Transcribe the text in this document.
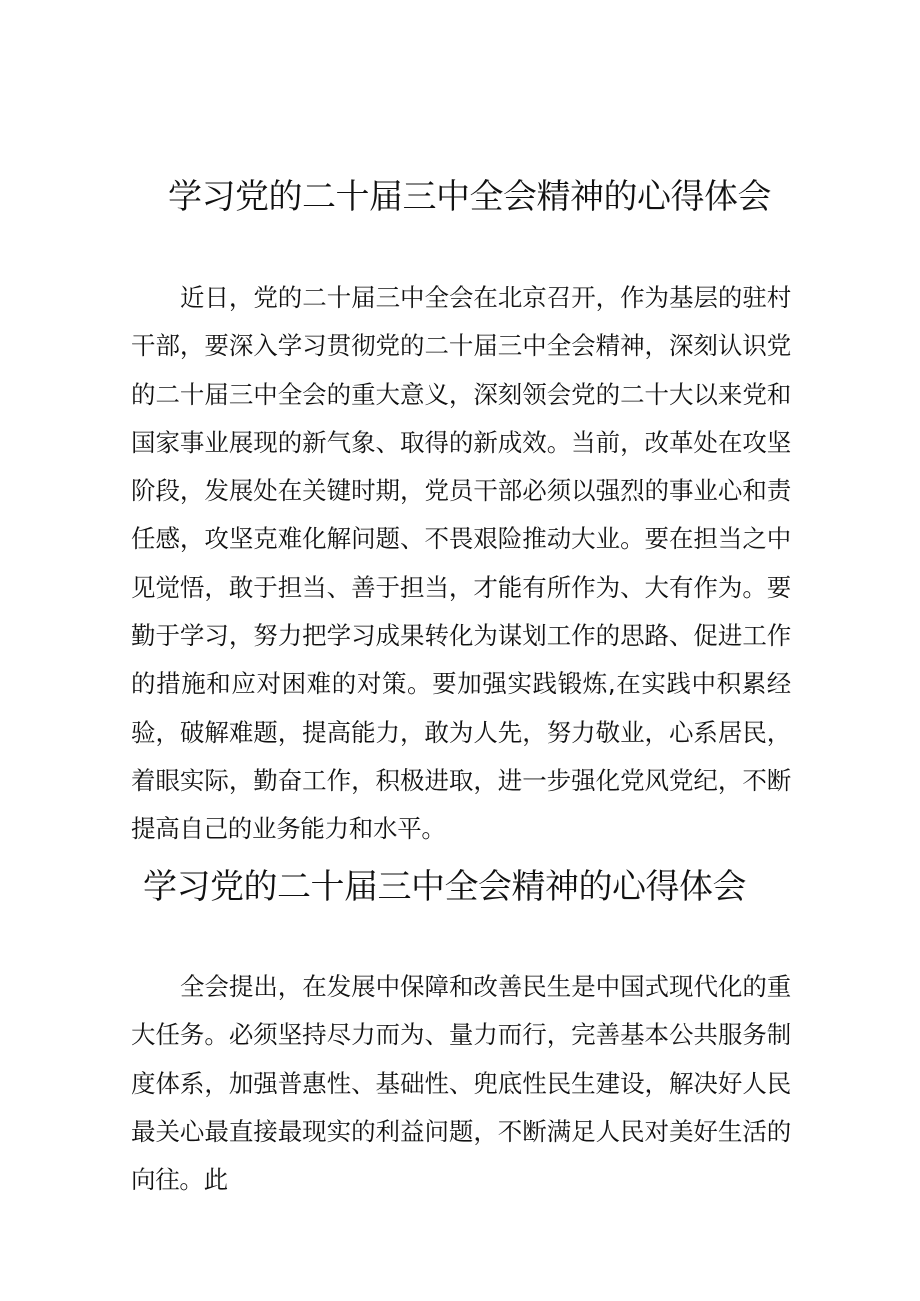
学习党的二十届三中全会精神的心得体会

近日，党的二十届三中全会在北京召开，作为基层的驻村干部，要深入学习贯彻党的二十届三中全会精神，深刻认识党的二十届三中全会的重大意义，深刻领会党的二十大以来党和国家事业展现的新气象、取得的新成效。当前，改革处在攻坚阶段，发展处在关键时期，党员干部必须以强烈的事业心和责任感，攻坚克难化解问题、不畏艰险推动大业。要在担当之中见觉悟，敢于担当、善于担当，才能有所作为、大有作为。要勤于学习，努力把学习成果转化为谋划工作的思路、促进工作的措施和应对困难的对策。要加强实践锻炼,在实践中积累经验，破解难题，提高能力，敢为人先，努力敬业，心系居民，着眼实际，勤奋工作，积极进取，进一步强化党风党纪，不断提高自己的业务能力和水平。

学习党的二十届三中全会精神的心得体会

全会提出，在发展中保障和改善民生是中国式现代化的重大任务。必须坚持尽力而为、量力而行，完善基本公共服务制度体系，加强普惠性、基础性、兜底性民生建设，解决好人民最关心最直接最现实的利益问题，不断满足人民对美好生活的向往。此
